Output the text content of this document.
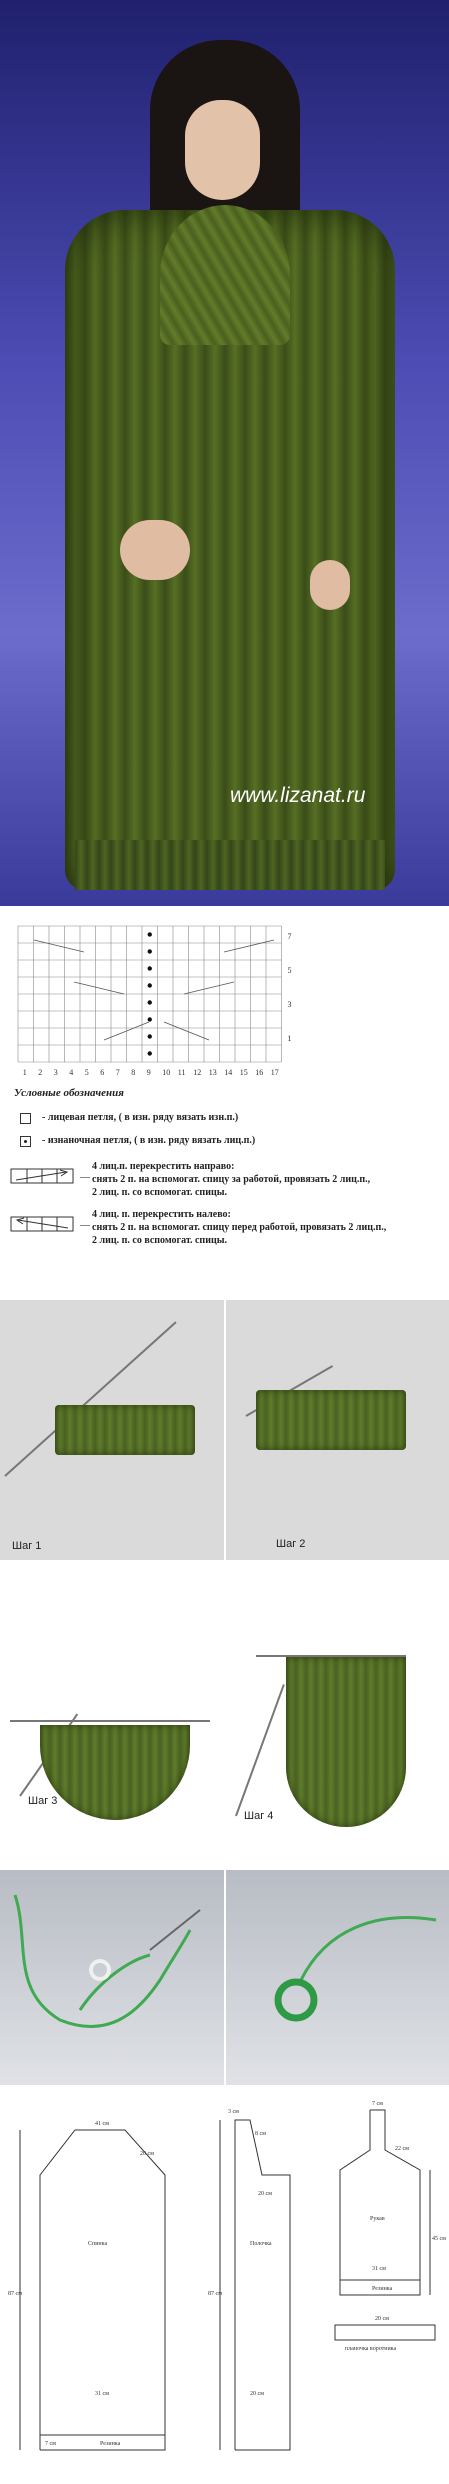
www.lizanat.ru
7
5
3
1
1 2 3 4 5 6 7 8 9 10 11 12 13 14 15 16 17
Условные обозначения
- лицевая петля, ( в изн. ряду вязать изн.п.)
- изнаночная петля, ( в изн. ряду вязать лиц.п.)
—
4 лиц.п. перекрестить направо:
снять 2 п. на вспомогат. спицу за работой, провязать 2 лиц.п.,
2 лиц. п. со вспомогат. спицы.
—
4 лиц. п. перекрестить налево:
снять 2 п. на вспомогат. спицу перед работой, провязать 2 лиц.п.,
2 лиц. п. со вспомогат. спицы.
Шаг 1	Шаг 2
Шаг 3
Шаг 4
41 см
20 см
Спинка
87 см
31 см
7 см	Резинка
3 см
8 см
20 см
Полочка
87 см
20 см
7 см
22 см
Рукав
45 см
31 см
Резинка
20 см
планочка воротника
